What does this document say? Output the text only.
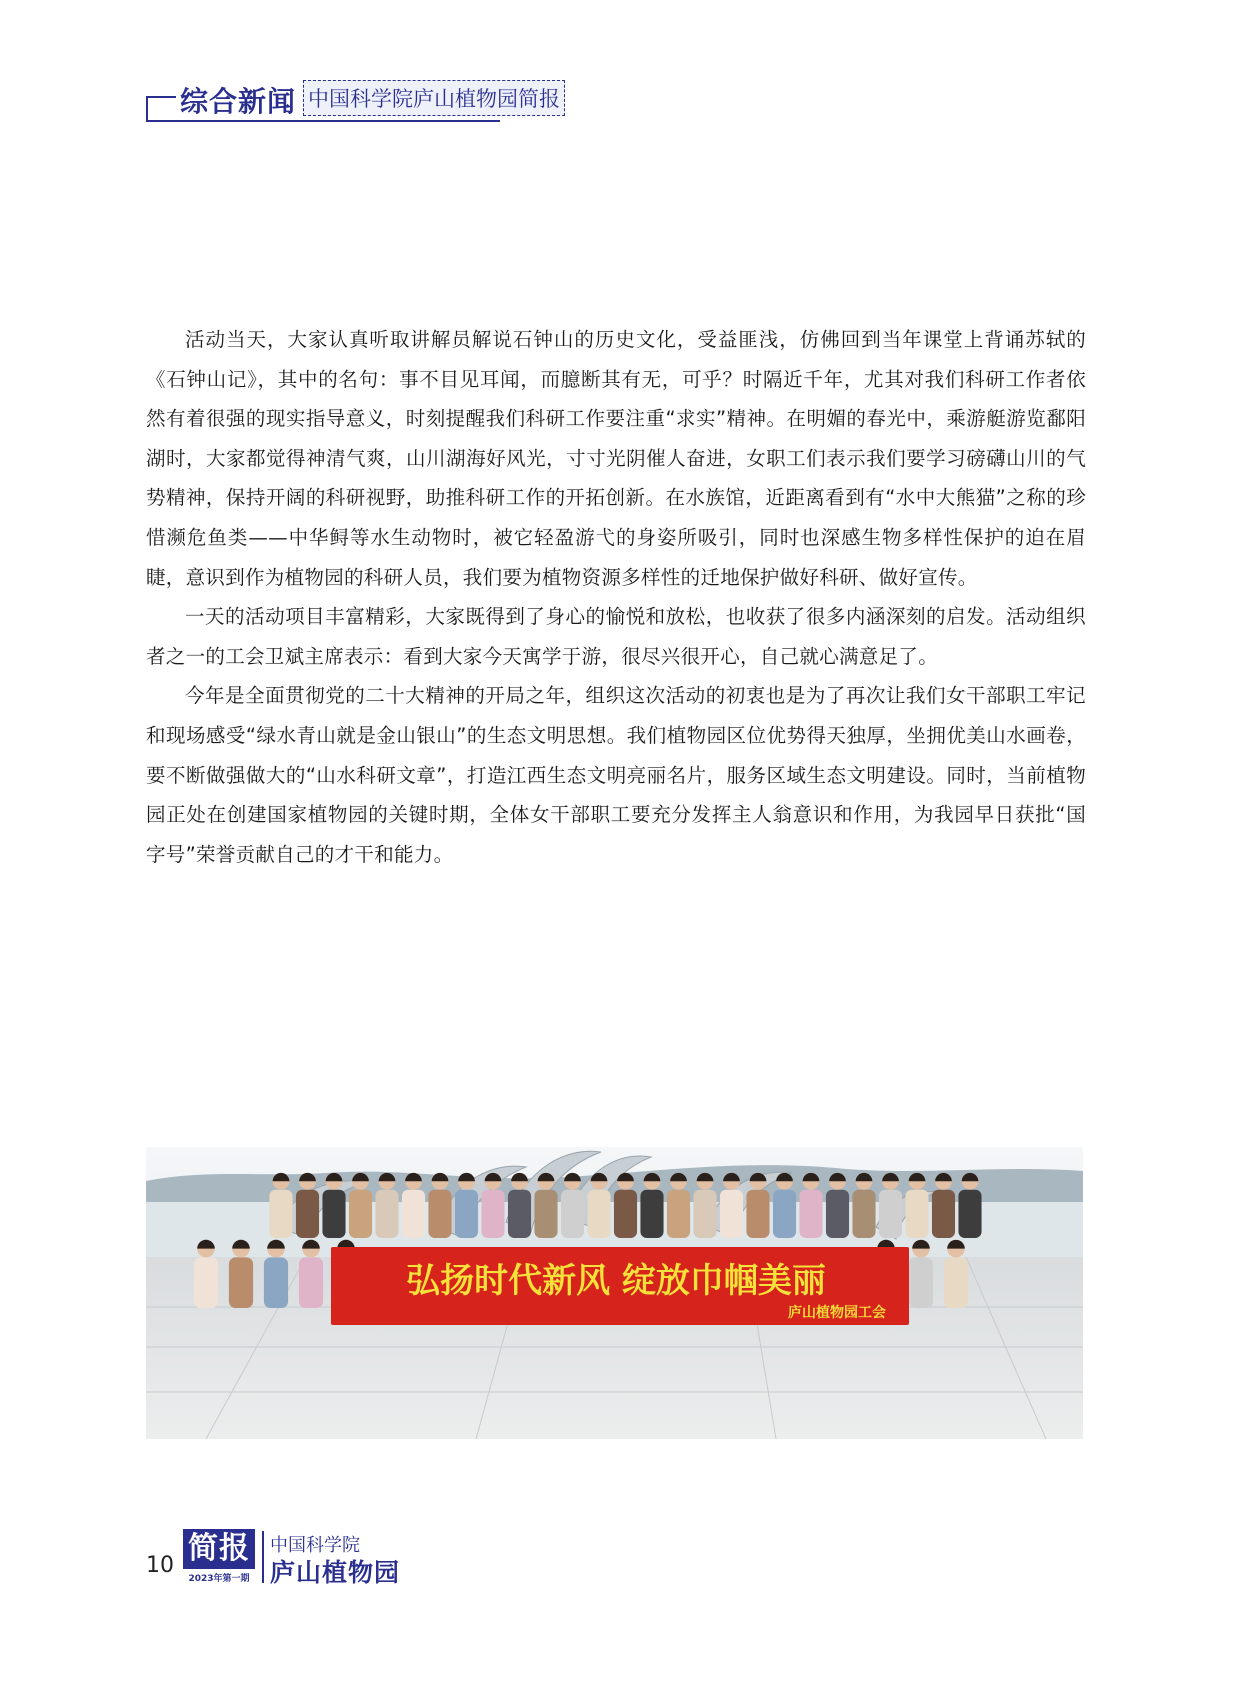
综合新闻 中国科学院庐山植物园简报

活动当天，大家认真听取讲解员解说石钟山的历史文化，受益匪浅，仿佛回到当年课堂上背诵苏轼的《石钟山记》，其中的名句：事不目见耳闻，而臆断其有无，可乎？时隔近千年，尤其对我们科研工作者依然有着很强的现实指导意义，时刻提醒我们科研工作要注重“求实”精神。在明媚的春光中，乘游艇游览鄱阳湖时，大家都觉得神清气爽，山川湖海好风光，寸寸光阴催人奋进，女职工们表示我们要学习磅礴山川的气势精神，保持开阔的科研视野，助推科研工作的开拓创新。在水族馆，近距离看到有“水中大熊猫”之称的珍惜濒危鱼类——中华鲟等水生动物时，被它轻盈游弋的身姿所吸引，同时也深感生物多样性保护的迫在眉睫，意识到作为植物园的科研人员，我们要为植物资源多样性的迁地保护做好科研、做好宣传。

一天的活动项目丰富精彩，大家既得到了身心的愉悦和放松，也收获了很多内涵深刻的启发。活动组织者之一的工会卫斌主席表示：看到大家今天寓学于游，很尽兴很开心，自己就心满意足了。

今年是全面贯彻党的二十大精神的开局之年，组织这次活动的初衷也是为了再次让我们女干部职工牢记和现场感受“绿水青山就是金山银山”的生态文明思想。我们植物园区位优势得天独厚，坐拥优美山水画卷，要不断做强做大的“山水科研文章”，打造江西生态文明亮丽名片，服务区域生态文明建设。同时，当前植物园正处在创建国家植物园的关键时期，全体女干部职工要充分发挥主人翁意识和作用，为我园早日获批“国字号”荣誉贡献自己的才干和能力。

弘扬时代新风 绽放巾帼美丽
庐山植物园工会
10 简报
2023年第一期
中国科学院
庐山植物园
